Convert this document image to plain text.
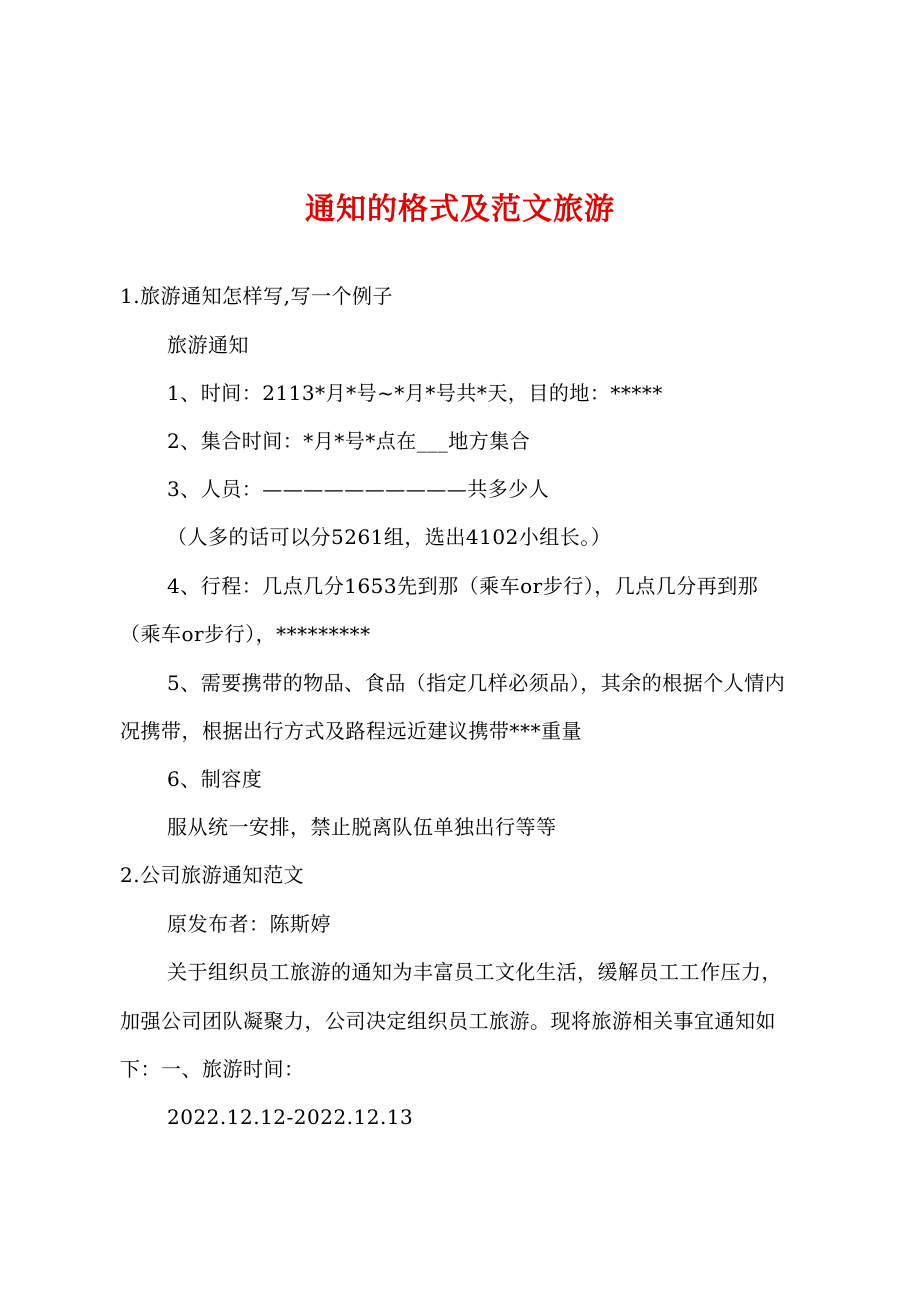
通知的格式及范文旅游
1.旅游通知怎样写,写一个例子
旅游通知
1、时间：2113*月*号~*月*号共*天，目的地：*****
2、集合时间：*月*号*点在___地方集合
3、人员：——————————共多少人
（人多的话可以分5261组，选出4102小组长。）
4、行程：几点几分1653先到那（乘车or步行），几点几分再到那
（乘车or步行），*********
5、需要携带的物品、食品（指定几样必须品），其余的根据个人情内
况携带，根据出行方式及路程远近建议携带***重量
6、制容度
服从统一安排，禁止脱离队伍单独出行等等
2.公司旅游通知范文
原发布者：陈斯婷
关于组织员工旅游的通知为丰富员工文化生活，缓解员工工作压力，
加强公司团队凝聚力，公司决定组织员工旅游。现将旅游相关事宜通知如
下：一、旅游时间：
2022.12.12-2022.12.13
